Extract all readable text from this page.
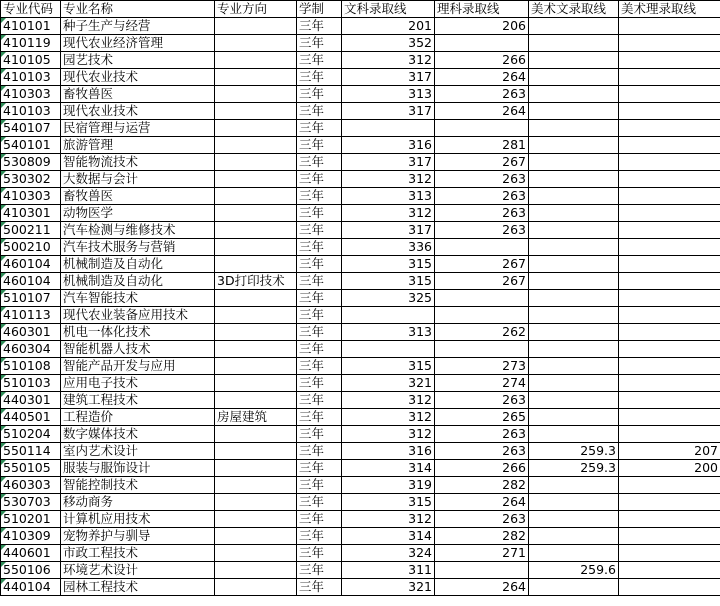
专业代码	专业名称	专业方向	学制	文科录取线	理科录取线	美术文录取线	美术理录取线
410101	种子生产与经营		三年	201	206		
410119	现代农业经济管理		三年	352			
410105	园艺技术		三年	312	266		
410103	现代农业技术		三年	317	264		
410303	畜牧兽医		三年	313	263		
410103	现代农业技术		三年	317	264		
540107	民宿管理与运营		三年				
540101	旅游管理		三年	316	281		
530809	智能物流技术		三年	317	267		
530302	大数据与会计		三年	312	263		
410303	畜牧兽医		三年	313	263		
410301	动物医学		三年	312	263		
500211	汽车检测与维修技术		三年	317	263		
500210	汽车技术服务与营销		三年	336			
460104	机械制造及自动化		三年	315	267		
460104	机械制造及自动化	3D打印技术	三年	315	267		
510107	汽车智能技术		三年	325			
410113	现代农业装备应用技术		三年				
460301	机电一体化技术		三年	313	262		
460304	智能机器人技术		三年				
510108	智能产品开发与应用		三年	315	273		
510103	应用电子技术		三年	321	274		
440301	建筑工程技术		三年	312	263		
440501	工程造价	房屋建筑	三年	312	265		
510204	数字媒体技术		三年	312	263		
550114	室内艺术设计		三年	316	263	259.3	207
550105	服装与服饰设计		三年	314	266	259.3	200
460303	智能控制技术		三年	319	282		
530703	移动商务		三年	315	264		
510201	计算机应用技术		三年	312	263		
410309	宠物养护与驯导		三年	314	282		
440601	市政工程技术		三年	324	271		
550106	环境艺术设计		三年	311		259.6	
440104	园林工程技术		三年	321	264		
